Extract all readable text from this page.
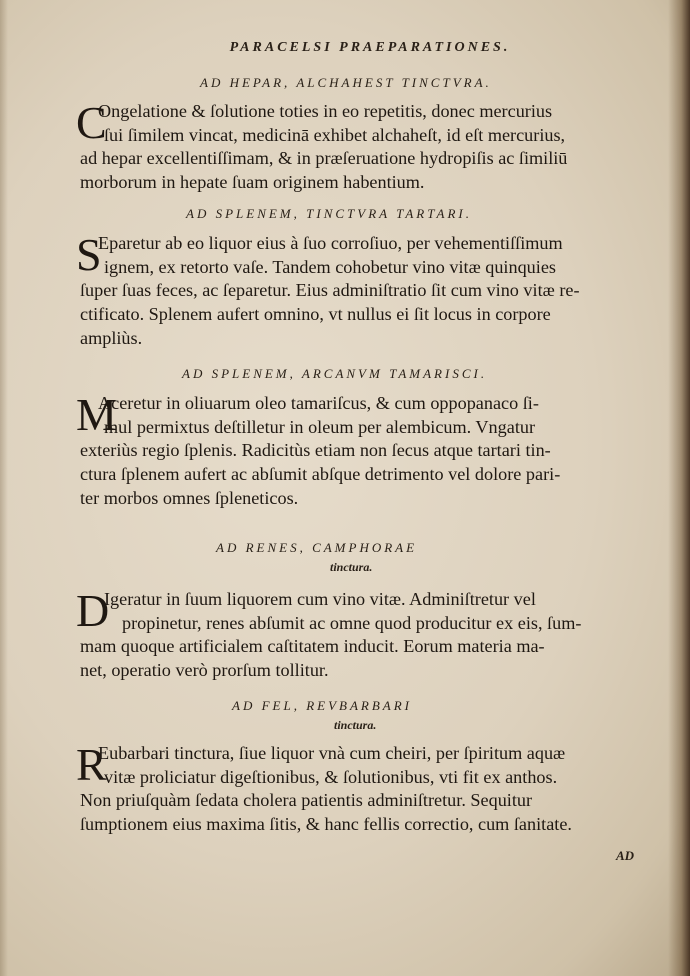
PARACELSI PRAEPARATIONES.
AD HEPAR, ALCHAHEST TINCTVRA.
C
Ongelatione & ſolutione toties in eo repetitis, donec mercurius
ſui ſimilem vincat, medicinā exhibet alchaheſt, id eſt mercurius,
ad hepar excellentiſſimam, & in præſeruatione hydropiſis ac ſimiliū
morborum in hepate ſuam originem habentium.
AD SPLENEM, TINCTVRA TARTARI.
S
Eparetur ab eo liquor eius à ſuo corroſiuo, per vehementiſſimum
ignem, ex retorto vaſe. Tandem cohobetur vino vitæ quinquies
ſuper ſuas feces, ac ſeparetur. Eius adminiſtratio ſit cum vino vitæ re-
ctificato. Splenem aufert omnino, vt nullus ei ſit locus in corpore
ampliùs.
AD SPLENEM, ARCANVM TAMARISCI.
M
Aceretur in oliuarum oleo tamariſcus, & cum oppopanaco ſi-
mul permixtus deſtilletur in oleum per alembicum. Vngatur
exteriùs regio ſplenis. Radicitùs etiam non ſecus atque tartari tin-
ctura ſplenem aufert ac abſumit abſque detrimento vel dolore pari-
ter morbos omnes ſpleneticos.
AD RENES, CAMPHORAE
tinctura.
D
Igeratur in ſuum liquorem cum vino vitæ. Adminiſtretur vel
propinetur, renes abſumit ac omne quod producitur ex eis, ſum-
mam quoque artificialem caſtitatem inducit. Eorum materia ma-
net, operatio verò prorſum tollitur.
AD FEL, REVBARBARI
tinctura.
R
Eubarbari tinctura, ſiue liquor vnà cum cheiri, per ſpiritum aquæ
vitæ proliciatur digeſtionibus, & ſolutionibus, vti fit ex anthos.
Non priuſquàm ſedata cholera patientis adminiſtretur. Sequitur
ſumptionem eius maxima ſitis, & hanc fellis correctio, cum ſanitate.
AD
